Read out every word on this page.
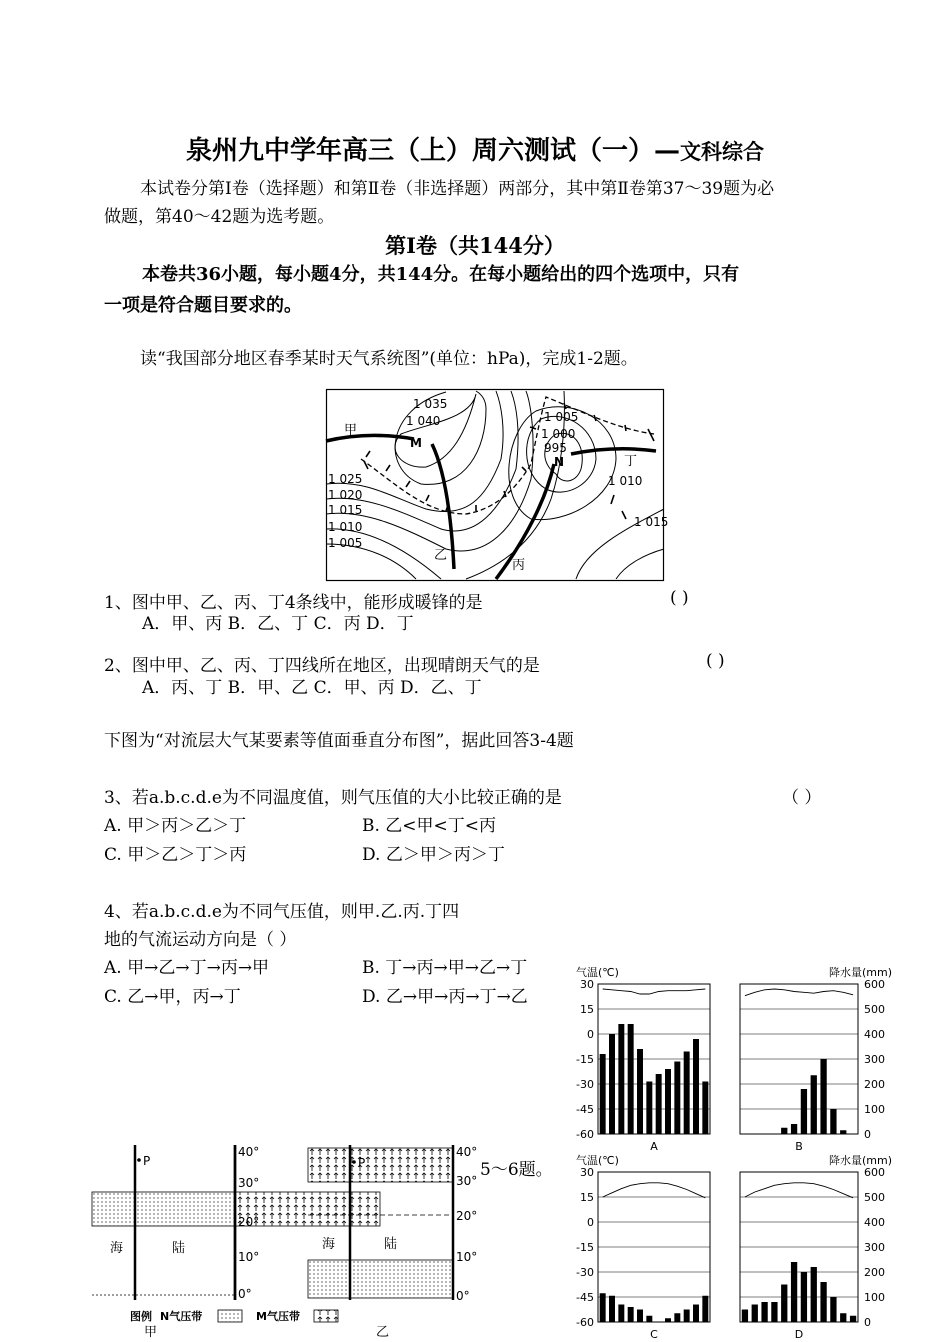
泉州九中学年高三（上）周六测试（一）—文科综合
本试卷分第Ⅰ卷（选择题）和第Ⅱ卷（非选择题）两部分，其中第Ⅱ卷第37～39题为必
做题，第40～42题为选考题。
第Ⅰ卷（共144分）
本卷共36小题，每小题4分，共144分。在每小题给出的四个选项中，只有
一项是符合题目要求的。
读“我国部分地区春季某时天气系统图”(单位：hPa)，完成1-2题。
1 035
1 040
甲
M
1 005
1 000
995
N	丁
1 010
1 015
1 025
1 020
1 015
1 010
1 005
乙
丙
1、图中甲、乙、丙、丁4条线中，能形成暖锋的是	( )
A．甲、丙 B．乙、丁 C．丙 D．丁
2、图中甲、乙、丙、丁四线所在地区，出现晴朗天气的是	( )
A．丙、丁 B．甲、乙 C．甲、丙 D．乙、丁
下图为“对流层大气某要素等值面垂直分布图”，据此回答3-4题
3、若a.b.c.d.e为不同温度值，则气压值的大小比较正确的是	（ ）
A. 甲＞丙＞乙＞丁	B. 乙<甲<丁<丙
C. 甲＞乙＞丁＞丙	D. 乙＞甲＞丙＞丁
4、若a.b.c.d.e为不同气压值，则甲.乙.丙.丁四
地的气流运动方向是（ ）
A. 甲→乙→丁→丙→甲	B. 丁→丙→甲→乙→丁
C. 乙→甲，丙→丁	D. 乙→甲→丙→丁→乙
5～6题。
30
15
0
-15
-30
-45
-60
气温(℃)
A
600
500
400
300
200
100
0
降水量(mm)
B
30
15
0
-15
-30
-45
-60
气温(℃)
C
600
500
400
300
200
100
0
降水量(mm)
D
P
海	陆
40°
30°
20°
10°
0°
甲
P
海	陆
40°
30°
20°
10°
0°
乙
图例 N气压带	M气压带
